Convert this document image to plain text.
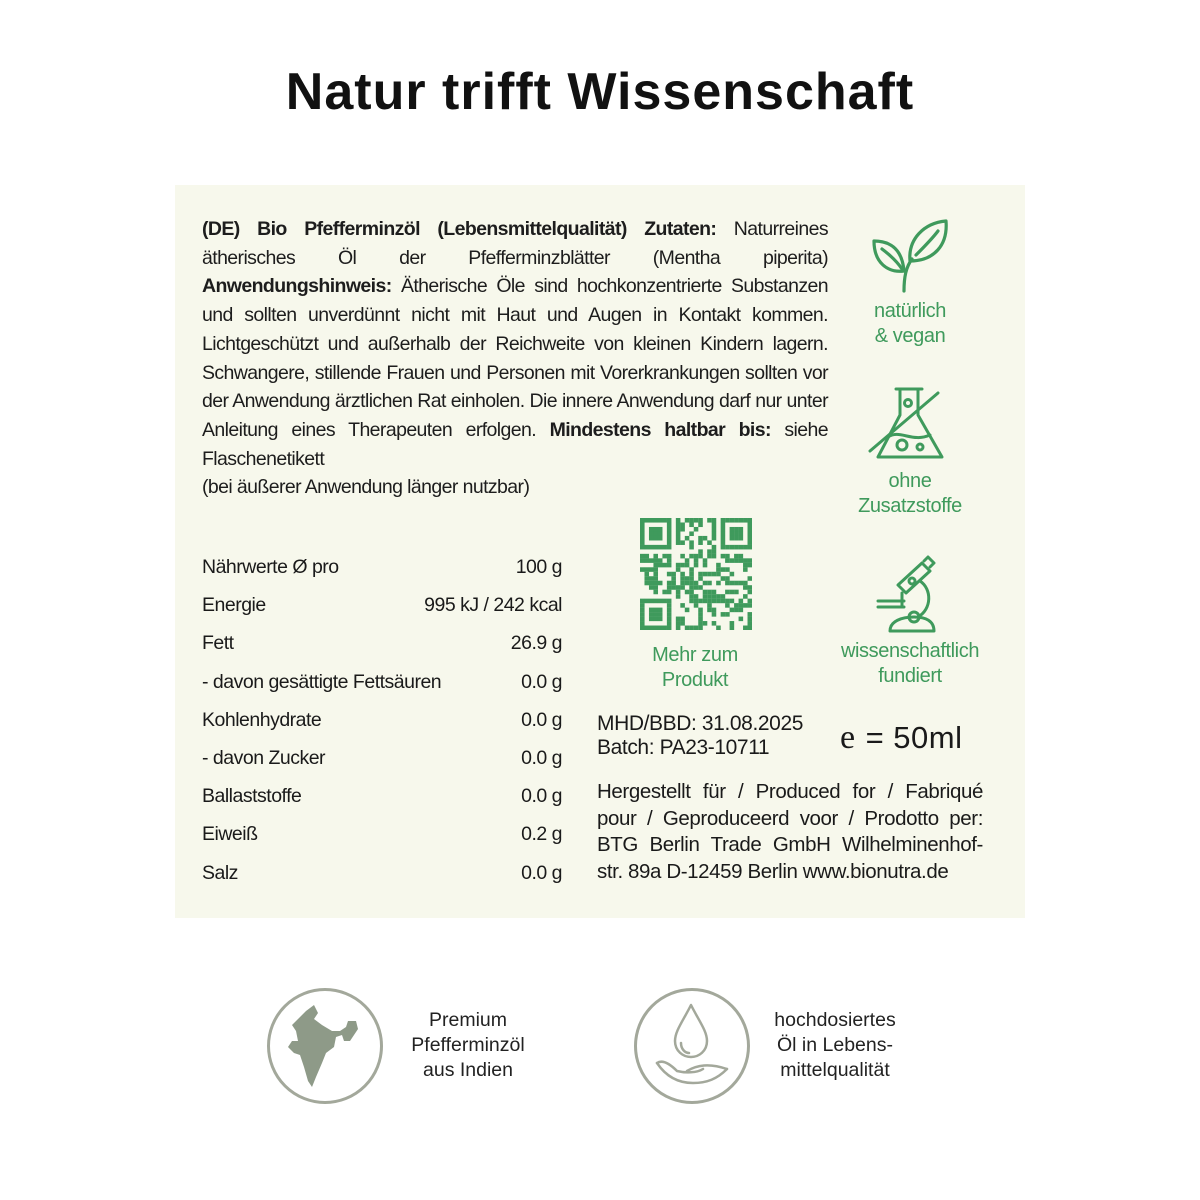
Natur trifft Wissenschaft
(DE) Bio Pfefferminzöl (Lebensmittelqualität) Zutaten: Naturreines ätherisches Öl der Pfefferminzblätter (Mentha piperita) Anwendungshinweis: Ätherische Öle sind hochkonzentrierte Substanzen und sollten unverdünnt nicht mit Haut und Augen in Kontakt kommen. Lichtgeschützt und außerhalb der Reichweite von kleinen Kindern lagern. Schwangere, stillende Frauen und Personen mit Vorerkrankungen sollten vor der Anwendung ärztlichen Rat einholen. Die innere Anwendung darf nur unter Anleitung eines Therapeuten erfolgen. Mindestens haltbar bis: siehe Flaschenetikett
(bei äußerer Anwendung länger nutzbar)
Nährwerte Ø pro	100 g
Energie	995 kJ / 242 kcal
Fett	26.9 g
- davon gesättigte Fettsäuren	0.0 g
Kohlenhydrate	0.0 g
- davon Zucker	0.0 g
Ballaststoffe	0.0 g
Eiweiß	0.2 g
Salz	0.0 g
Mehr zum
Produkt
natürlich
& vegan
ohne
Zusatzstoffe
wissenschaftlich
fundiert
MHD/BBD: 31.08.2025
Batch: PA23-10711	e = 50ml
Hergestellt für / Produced for / Fabriqué pour / Geproduceerd voor / Prodotto per: BTG Berlin Trade GmbH Wilhelminenhof-str. 89a D-12459 Berlin www.bionutra.de
Premium
Pfefferminzöl
aus Indien
hochdosiertes
Öl in Lebens-
mittelqualität
